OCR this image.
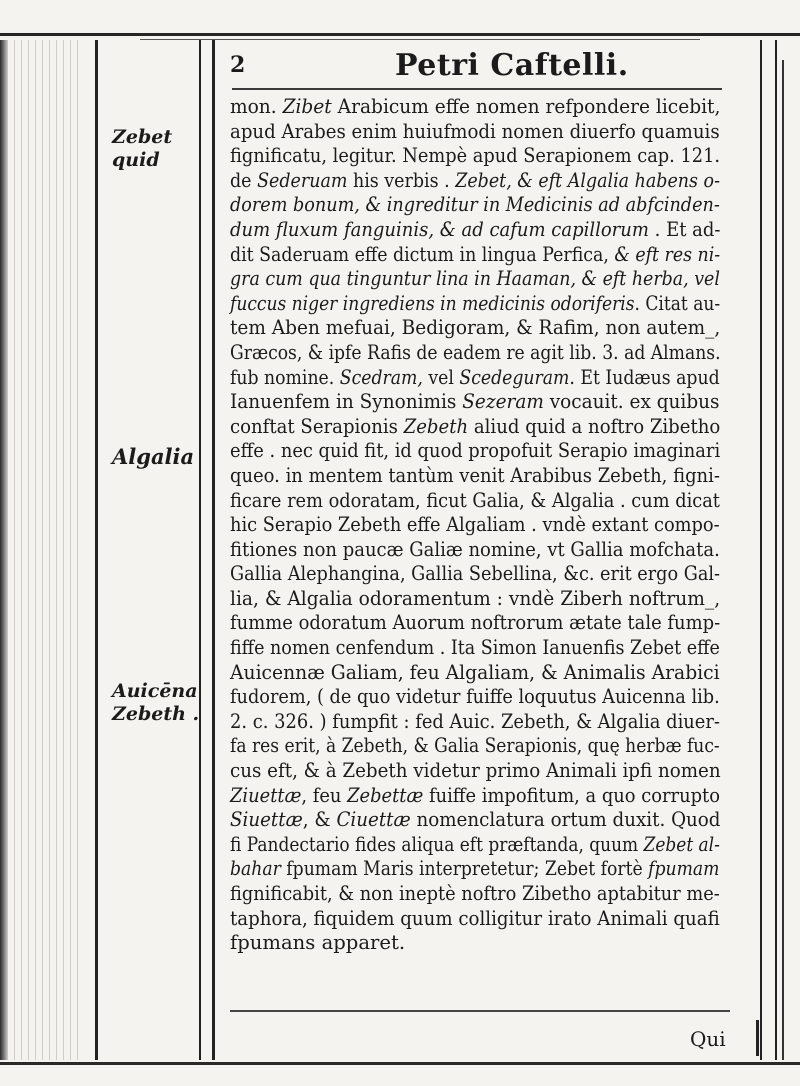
2	Petri Caftelli.
Zebet
quid
Algalia
Auicēna
Zebeth .
mon. Zibet Arabicum effe nomen refpondere licebit,
apud Arabes enim huiufmodi nomen diuerfo quamuis
fignificatu, legitur. Nempè apud Serapionem cap. 121.
de Sederuam his verbis . Zebet, & eft Algalia habens o-
dorem bonum, & ingreditur in Medicinis ad abfcinden-
dum fluxum fanguinis, & ad cafum capillorum . Et ad-
dit Saderuam effe dictum in lingua Perfica, & eft res ni-
gra cum qua tinguntur lina in Haaman, & eft herba, vel
fuccus niger ingrediens in medicinis odoriferis. Citat au-
tem Aben mefuai, Bedigoram, & Rafim, non autem_,
Græcos, & ipfe Rafis de eadem re agit lib. 3. ad Almans.
fub nomine. Scedram, vel Scedeguram. Et Iudæus apud
Ianuenfem in Synonimis Sezeram vocauit. ex quibus
conftat Serapionis Zebeth aliud quid a noftro Zibetho
effe . nec quid fit, id quod propofuit Serapio imaginari
queo. in mentem tantùm venit Arabibus Zebeth, figni-
ficare rem odoratam, ficut Galia, & Algalia . cum dicat
hic Serapio Zebeth effe Algaliam . vndè extant compo-
fitiones non paucæ Galiæ nomine, vt Gallia mofchata.
Gallia Alephangina, Gallia Sebellina, &c. erit ergo Gal-
lia, & Algalia odoramentum : vndè Ziberh noftrum_,
fumme odoratum Auorum noftrorum ætate tale fump-
fiffe nomen cenfendum . Ita Simon Ianuenfis Zebet effe
Auicennæ Galiam, feu Algaliam, & Animalis Arabici
fudorem, ( de quo videtur fuiffe loquutus Auicenna lib.
2. c. 326. ) fumpfit : fed Auic. Zebeth, & Algalia diuer-
fa res erit, à Zebeth, & Galia Serapionis, quę herbæ fuc-
cus eft, & à Zebeth videtur primo Animali ipfi nomen
Ziuettæ, feu Zebettæ fuiffe impofitum, a quo corrupto
Siuettæ, & Ciuettæ nomenclatura ortum duxit. Quod
fi Pandectario fides aliqua eft præftanda, quum Zebet al-
bahar fpumam Maris interpretetur; Zebet fortè fpumam
fignificabit, & non ineptè noftro Zibetho aptabitur me-
taphora, fiquidem quum colligitur irato Animali quafi
fpumans apparet.
Qui
